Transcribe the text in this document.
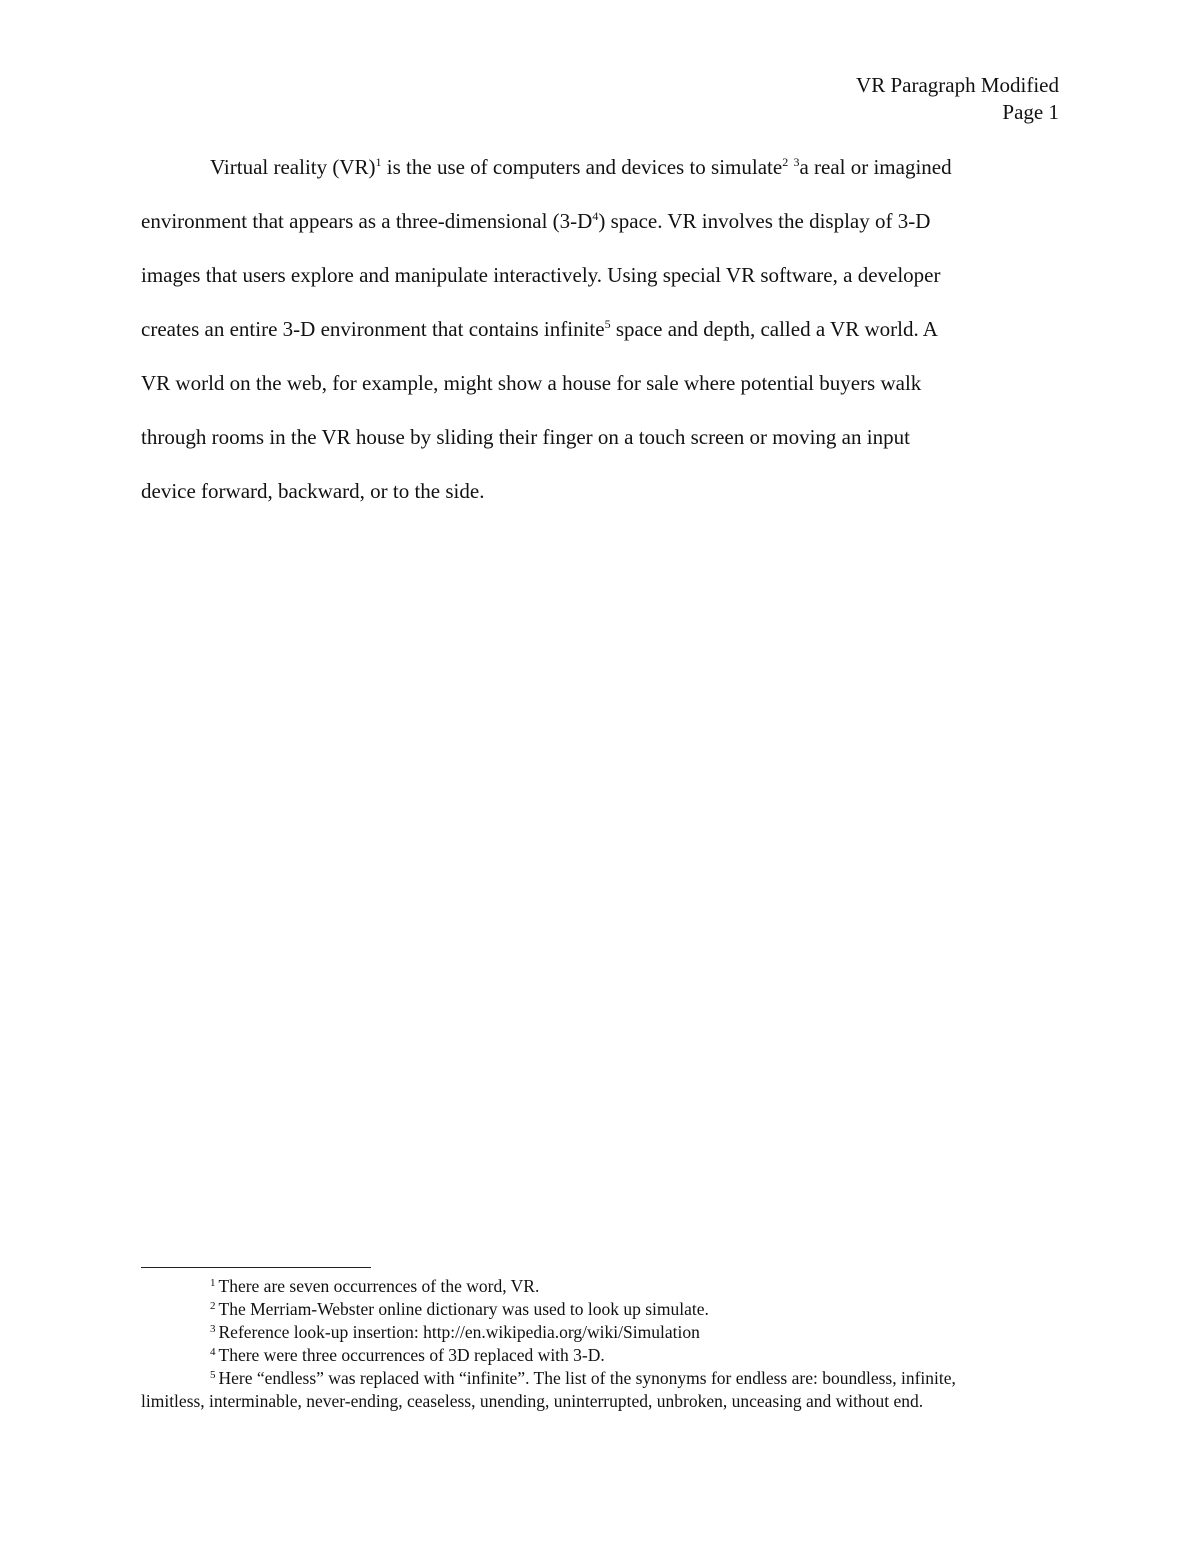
VR Paragraph Modified
Page 1
Virtual reality (VR)$^1$ is the use of computers and devices to simulate$^2$ $^3$a real or imagined
environment that appears as a three-dimensional $(3-D^4)$ space. VR involves the display of 3-D
images that users explore and manipulate interactively. Using special VR software, a developer
creates an entire 3-D environment that contains infinite$^5$ space and depth, called a VR world. A
VR world on the web, for example, might show a house for sale where potential buyers walk
through rooms in the VR house by sliding their finger on a touch screen or moving an input
device forward, backward, or to the side.
$^1$ There are seven occurrences of the word, VR.
$^2$ The Merriam-Webster online dictionary was used to look up simulate.
$^3$ Reference look-up insertion: http://en.wikipedia.org/wiki/Simulation
$^4$ There were three occurrences of 3D replaced with 3-D.
$^5$ Here “endless” was replaced with “infinite”. The list of the synonyms for endless are: boundless, infinite,
limitless, interminable, never-ending, ceaseless, unending, uninterrupted, unbroken, unceasing and without end.
